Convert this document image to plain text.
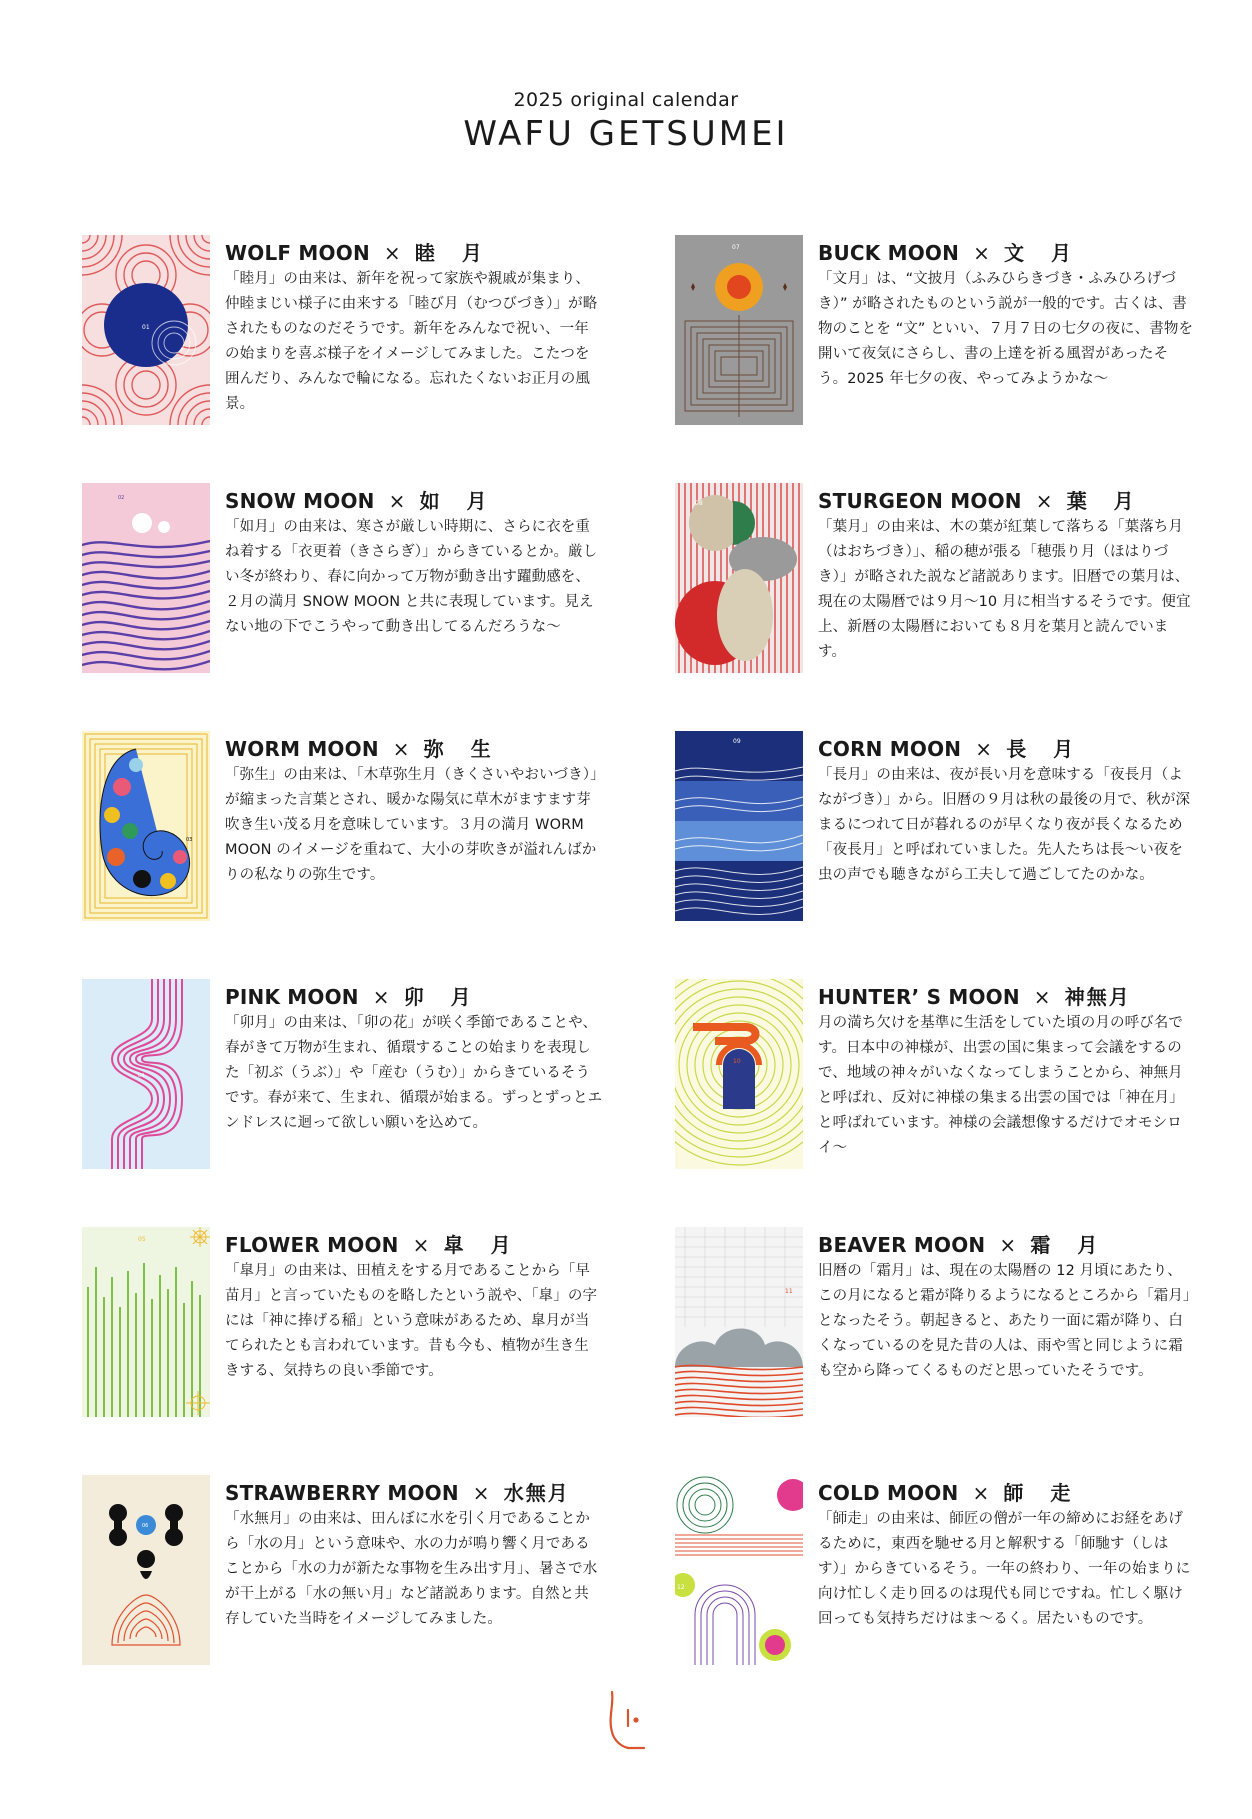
2025 original calendar
WAFU GETSUMEI
01
WOLF MOON × 睦 月
「睦月」の由来は、新年を祝って家族や親戚が集まり、仲睦まじい様子に由来する「睦び月（むつびづき）」が略されたものなのだそうです。新年をみんなで祝い、一年の始まりを喜ぶ様子をイメージしてみました。こたつを囲んだり、みんなで輪になる。忘れたくないお正月の風景。
07	BUCK MOON × 文 月
「文月」は、“文披月（ふみひらきづき・ふみひろげづき）” が略されたものという説が一般的です。古くは、書物のことを “文” といい、７月７日の七夕の夜に、書物を開いて夜気にさらし、書の上達を祈る風習があったそう。2025 年七夕の夜、やってみようかな〜
02	SNOW MOON × 如 月
「如月」の由来は、寒さが厳しい時期に、さらに衣を重ね着する「衣更着（きさらぎ）」からきているとか。厳しい冬が終わり、春に向かって万物が動き出す躍動感を、２月の満月 SNOW MOON と共に表現しています。見えない地の下でこうやって動き出してるんだろうな〜
08	STURGEON MOON × 葉 月
「葉月」の由来は、木の葉が紅葉して落ちる「葉落ち月（はおちづき）」、稲の穂が張る「穂張り月（ほはりづき）」が略された説など諸説あります。旧暦での葉月は、現在の太陽暦では９月〜10 月に相当するそうです。便宜上、新暦の太陽暦においても８月を葉月と読んでいます。
03
WORM MOON × 弥 生
「弥生」の由来は、「木草弥生月（きくさいやおいづき）」が縮まった言葉とされ、暖かな陽気に草木がますます芽吹き生い茂る月を意味しています。３月の満月 WORM MOON のイメージを重ねて、大小の芽吹きが溢れんばかりの私なりの弥生です。
09	CORN MOON × 長 月
「長月」の由来は、夜が長い月を意味する「夜長月（よながづき）」から。旧暦の９月は秋の最後の月で、秋が深まるにつれて日が暮れるのが早くなり夜が長くなるため「夜長月」と呼ばれていました。先人たちは長〜い夜を虫の声でも聴きながら工夫して過ごしてたのかな。
04
PINK MOON × 卯 月
「卯月」の由来は、「卯の花」が咲く季節であることや、春がきて万物が生まれ、循環することの始まりを表現した「初ぶ（うぶ）」や「産む（うむ）」からきているそうです。春が来て、生まれ、循環が始まる。ずっとずっとエンドレスに迴って欲しい願いを込めて。
10
HUNTER’ S MOON × 神無月
月の満ち欠けを基準に生活をしていた頃の月の呼び名です。日本中の神様が、出雲の国に集まって会議をするので、地域の神々がいなくなってしまうことから、神無月と呼ばれ、反対に神様の集まる出雲の国では「神在月」と呼ばれています。神様の会議想像するだけでオモシロイ〜
05	FLOWER MOON × 皐 月
「皐月」の由来は、田植えをする月であることから「早苗月」と言っていたものを略したという説や、「皐」の字には「神に捧げる稲」という意味があるため、皐月が当てられたとも言われています。昔も今も、植物が生き生きする、気持ちの良い季節です。
11
BEAVER MOON × 霜 月
旧暦の「霜月」は、現在の太陽暦の 12 月頃にあたり、この月になると霜が降りるようになるところから「霜月」となったそう。朝起きると、あたり一面に霜が降り、白くなっているのを見た昔の人は、雨や雪と同じように霜も空から降ってくるものだと思っていたそうです。
06
STRAWBERRY MOON × 水無月
「水無月」の由来は、田んぼに水を引く月であることから「水の月」という意味や、水の力が鳴り響く月であることから「水の力が新たな事物を生み出す月」、暑さで水が干上がる「水の無い月」など諸説あります。自然と共存していた当時をイメージしてみました。
12
COLD MOON × 師 走
「師走」の由来は、師匠の僧が一年の締めにお経をあげるために，東西を馳せる月と解釈する「師馳す（しはす）」からきているそう。一年の終わり、一年の始まりに向け忙しく走り回るのは現代も同じですね。忙しく駆け回っても気持ちだけはま〜るく。居たいものです。
